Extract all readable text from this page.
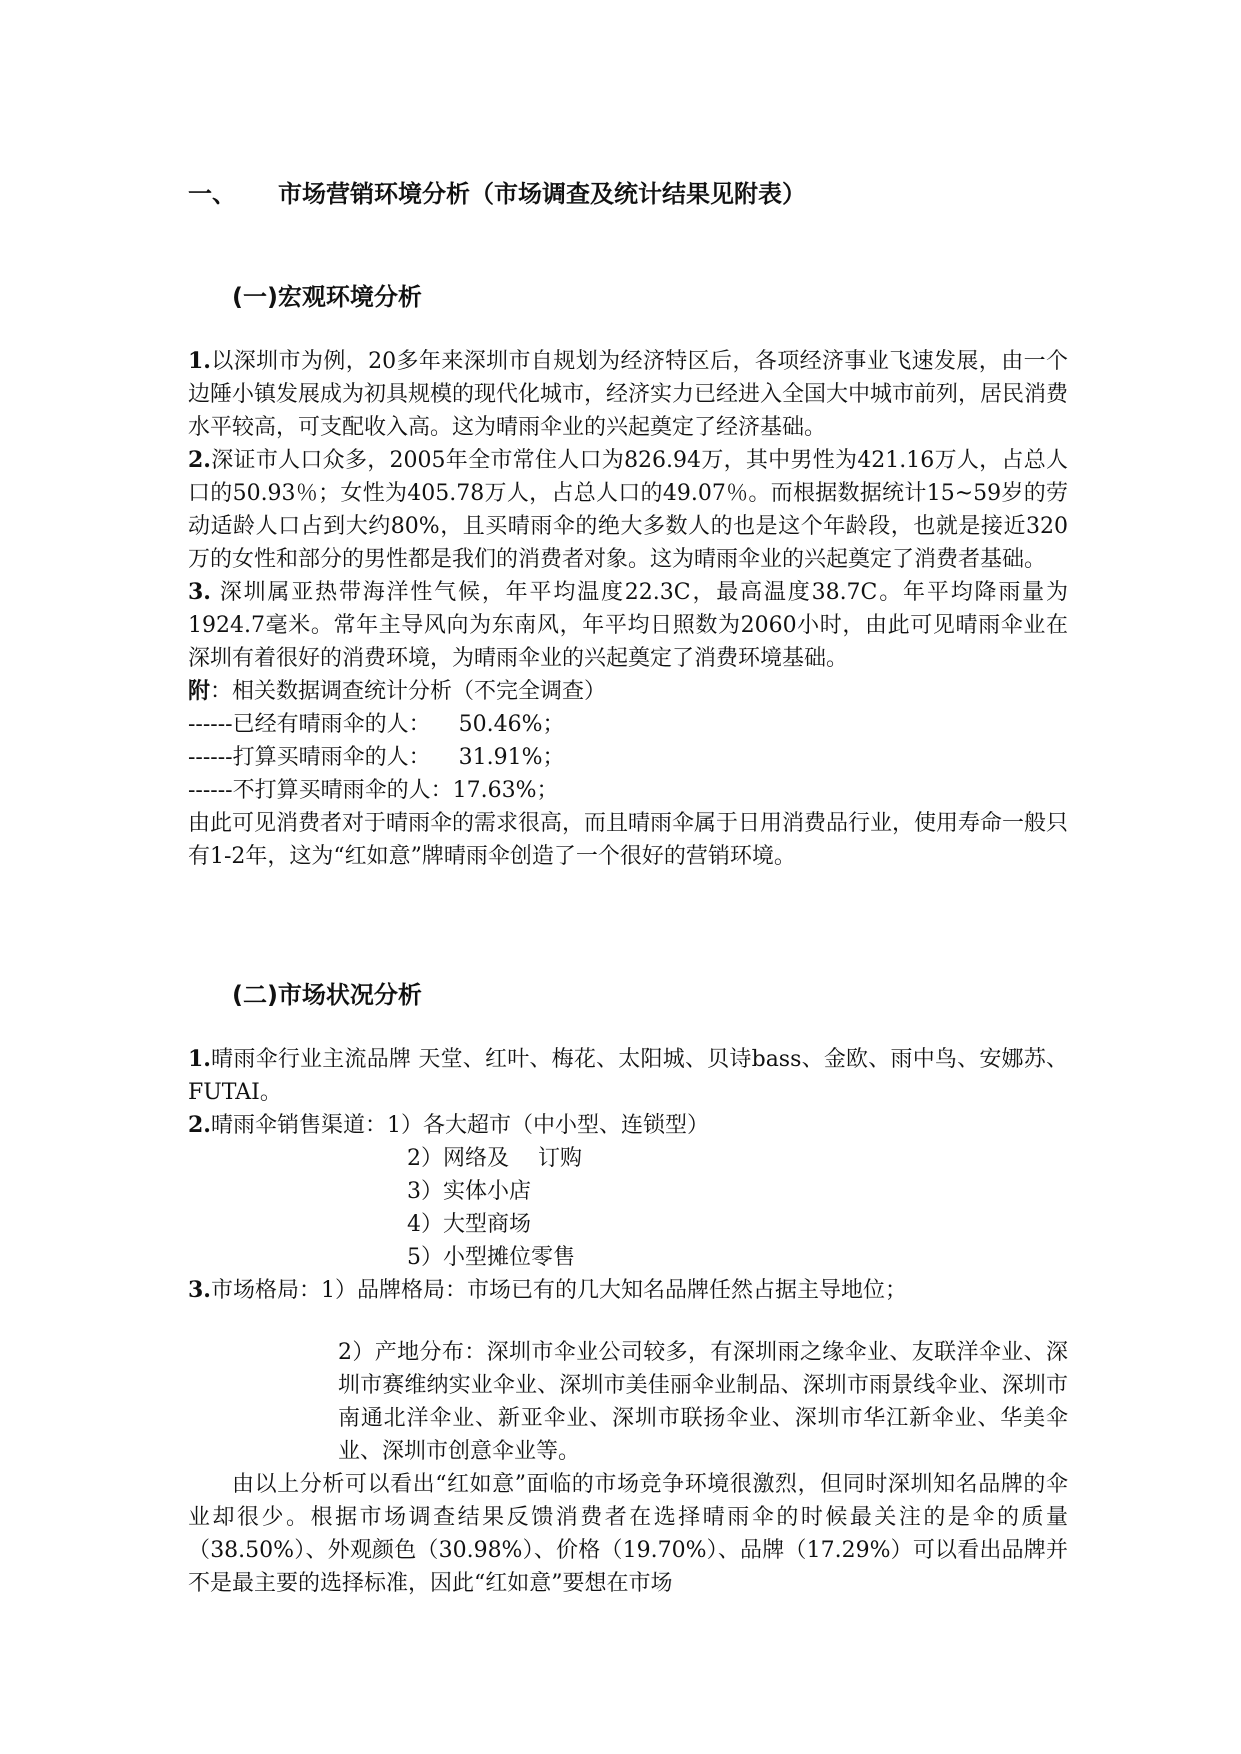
一、 市场营销环境分析（市场调查及统计结果见附表）
(一)宏观环境分析

1.以深圳市为例，20多年来深圳市自规划为经济特区后，各项经济事业飞速发展，由一个边陲小镇发展成为初具规模的现代化城市，经济实力已经进入全国大中城市前列，居民消费水平较高，可支配收入高。这为晴雨伞业的兴起奠定了经济基础。

2.深证市人口众多，2005年全市常住人口为826.94万，其中男性为421.16万人，占总人口的50.93％；女性为405.78万人，占总人口的49.07％。而根据数据统计15~59岁的劳动适龄人口占到大约80%，且买晴雨伞的绝大多数人的也是这个年龄段，也就是接近320万的女性和部分的男性都是我们的消费者对象。这为晴雨伞业的兴起奠定了消费者基础。

3. 深圳属亚热带海洋性气候，年平均温度22.3C，最高温度38.7C。年平均降雨量为1924.7毫米。常年主导风向为东南风，年平均日照数为2060小时，由此可见晴雨伞业在深圳有着很好的消费环境，为晴雨伞业的兴起奠定了消费环境基础。

附：相关数据调查统计分析（不完全调查）

------已经有晴雨伞的人： 50.46%；

------打算买晴雨伞的人： 31.91%；

------不打算买晴雨伞的人：17.63%；

由此可见消费者对于晴雨伞的需求很高，而且晴雨伞属于日用消费品行业，使用寿命一般只有1-2年，这为“红如意”牌晴雨伞创造了一个很好的营销环境。

(二)市场状况分析

1.晴雨伞行业主流品牌 天堂、红叶、梅花、太阳城、贝诗bass、金欧、雨中鸟、安娜苏、FUTAI。

2.晴雨伞销售渠道：1）各大超市（中小型、连锁型）

2）网络及　 订购
3）实体小店
4）大型商场
5）小型摊位零售

3.市场格局：1）品牌格局：市场已有的几大知名品牌任然占据主导地位；

2）产地分布：深圳市伞业公司较多，有深圳雨之缘伞业、友联洋伞业、深圳市赛维纳实业伞业、深圳市美佳丽伞业制品、深圳市雨景线伞业、深圳市南通北洋伞业、新亚伞业、深圳市联扬伞业、深圳市华江新伞业、华美伞业、深圳市创意伞业等。
由以上分析可以看出“红如意”面临的市场竞争环境很激烈，但同时深圳知名品牌的伞业却很少。根据市场调查结果反馈消费者在选择晴雨伞的时候最关注的是伞的质量（38.50%）、外观颜色（30.98%）、价格（19.70%）、品牌（17.29%）可以看出品牌并不是最主要的选择标准，因此“红如意”要想在市场
